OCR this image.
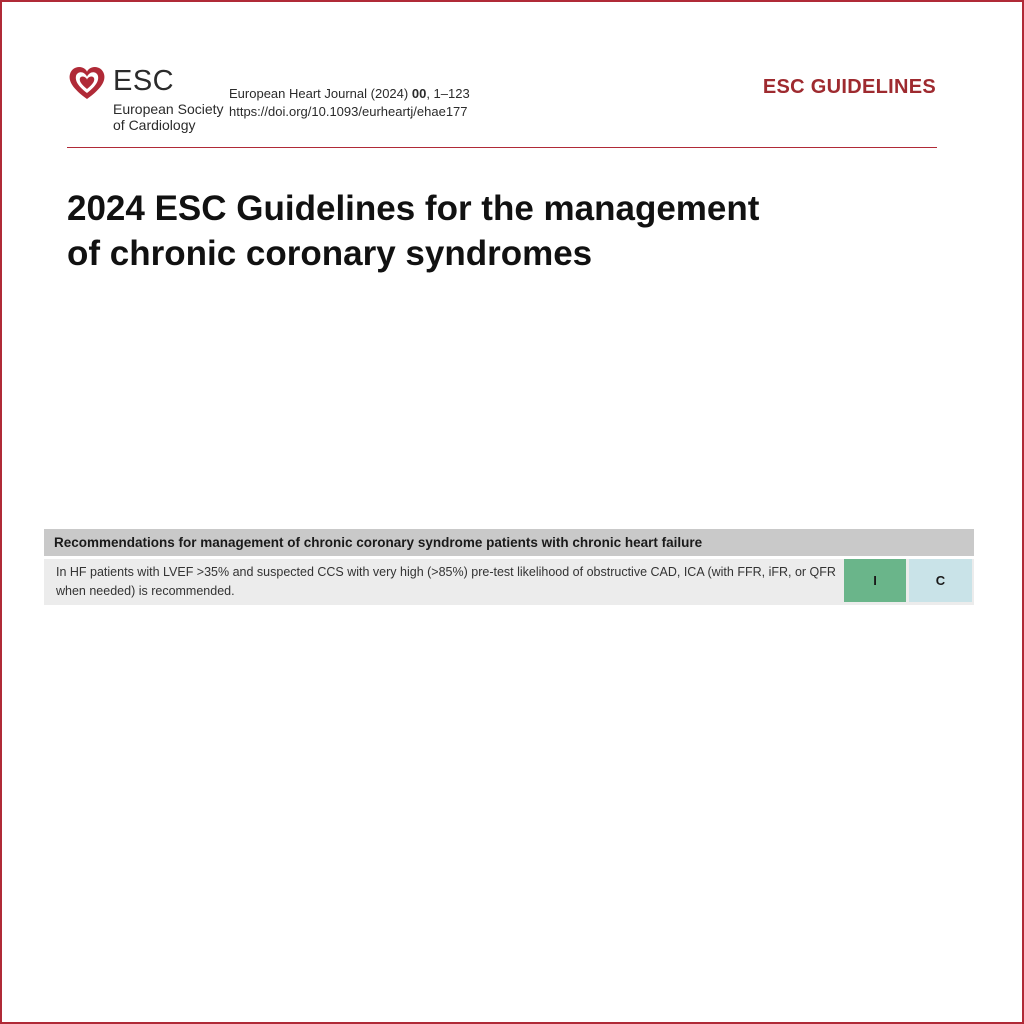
ESC
European Society
of Cardiology
European Heart Journal (2024) 00, 1–123
https://doi.org/10.1093/eurheartj/ehae177
ESC GUIDELINES
2024 ESC Guidelines for the management
of chronic coronary syndromes
Recommendations for management of chronic coronary syndrome patients with chronic heart failure
In HF patients with LVEF >35% and suspected CCS with very high (>85%) pre-test likelihood of obstructive CAD, ICA (with FFR, iFR, or QFR when needed) is recommended.
I	C
